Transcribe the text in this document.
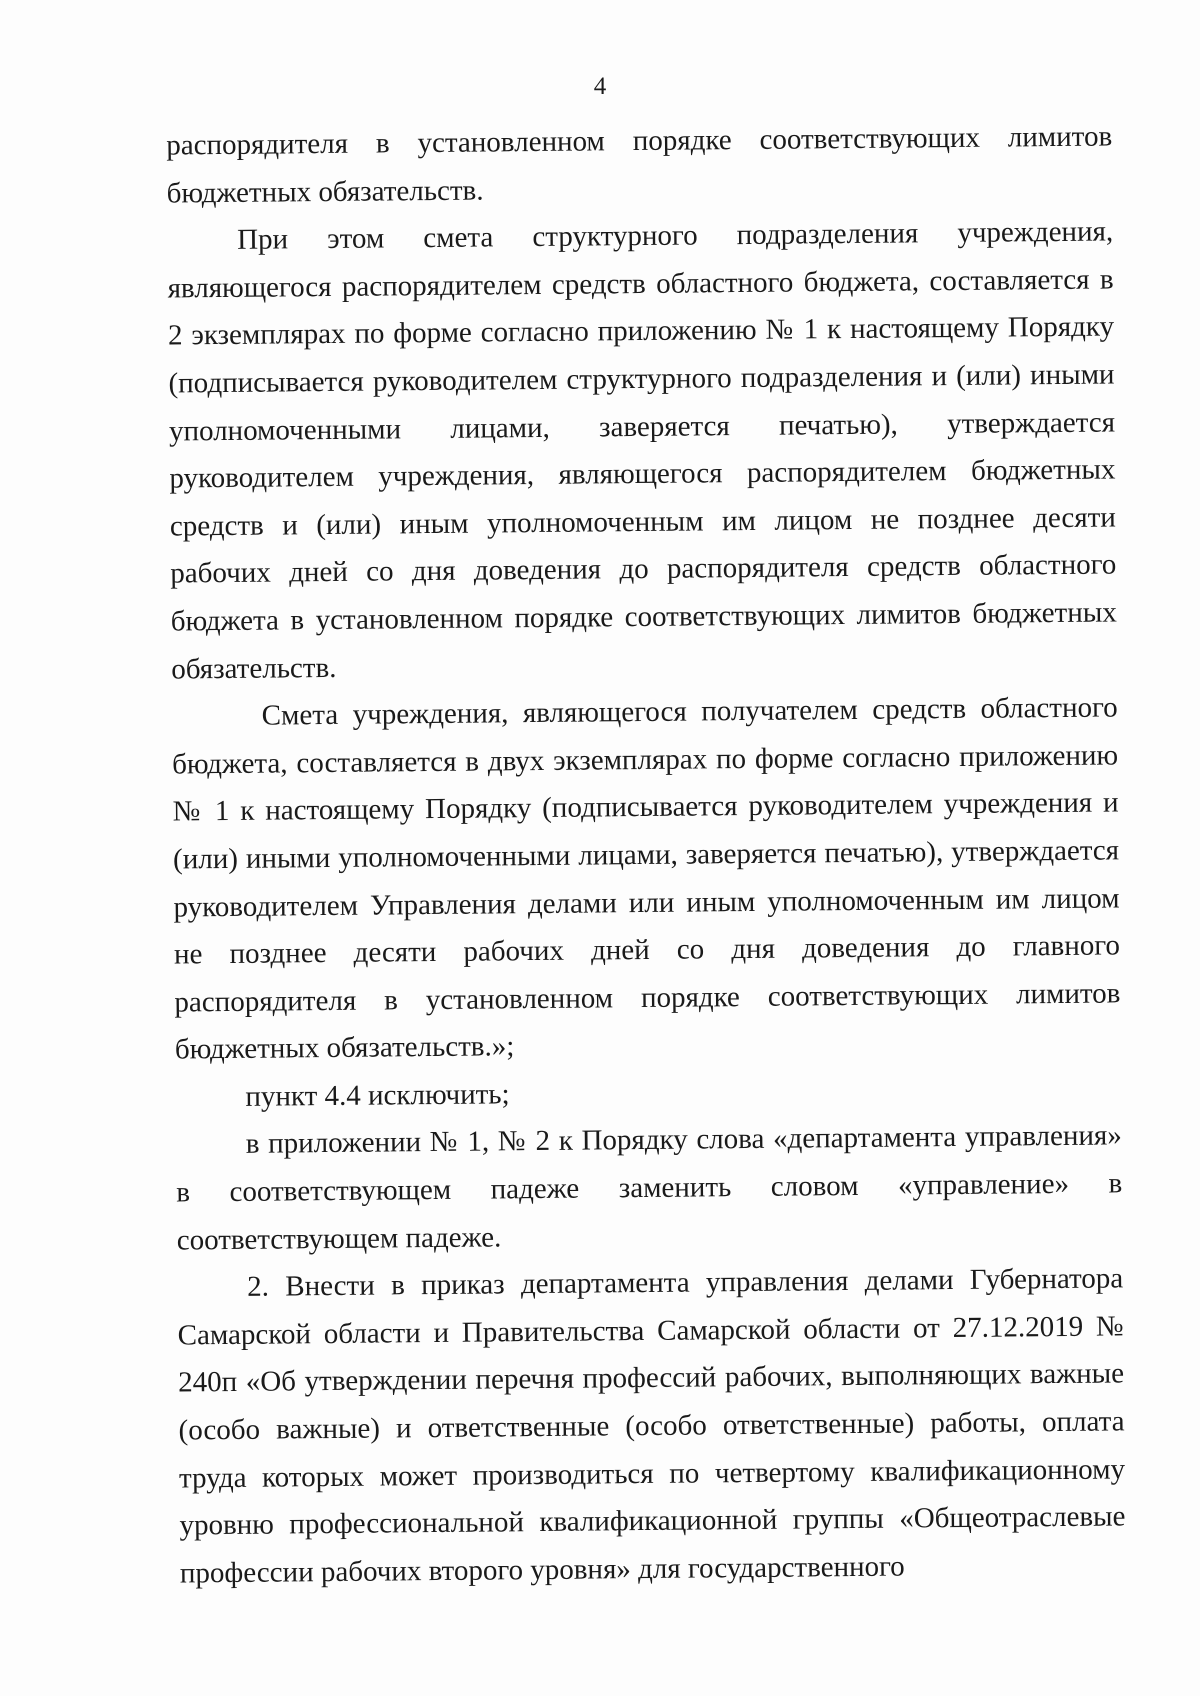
4

распорядителя в установленном порядке соответствующих лимитов бюджетных обязательств.

При этом смета структурного подразделения учреждения, являющегося распорядителем средств областного бюджета, составляется в 2 экземплярах по форме согласно приложению № 1 к настоящему Порядку (подписывается руководителем структурного подразделения и (или) иными уполномоченными лицами, заверяется печатью), утверждается руководителем учреждения, являющегося распорядителем бюджетных средств и (или) иным уполномоченным им лицом не позднее десяти рабочих дней со дня доведения до распорядителя средств областного бюджета в установленном порядке соответствующих лимитов бюджетных обязательств.

Смета учреждения, являющегося получателем средств областного бюджета, составляется в двух экземплярах по форме согласно приложению № 1 к настоящему Порядку (подписывается руководителем учреждения и (или) иными уполномоченными лицами, заверяется печатью), утверждается руководителем Управления делами или иным уполномоченным им лицом не позднее десяти рабочих дней со дня доведения до главного распорядителя в установленном порядке соответствующих лимитов бюджетных обязательств.»;

пункт 4.4 исключить;

в приложении № 1, № 2 к Порядку слова «департамента управления» в соответствующем падеже заменить словом «управление» в соответствующем падеже.

2. Внести в приказ департамента управления делами Губернатора Самарской области и Правительства Самарской области от 27.12.2019 № 240п «Об утверждении перечня профессий рабочих, выполняющих важные (особо важные) и ответственные (особо ответственные) работы, оплата труда которых может производиться по четвертому квалификационному уровню профессиональной квалификационной группы «Общеотраслевые профессии рабочих второго уровня» для государственного
